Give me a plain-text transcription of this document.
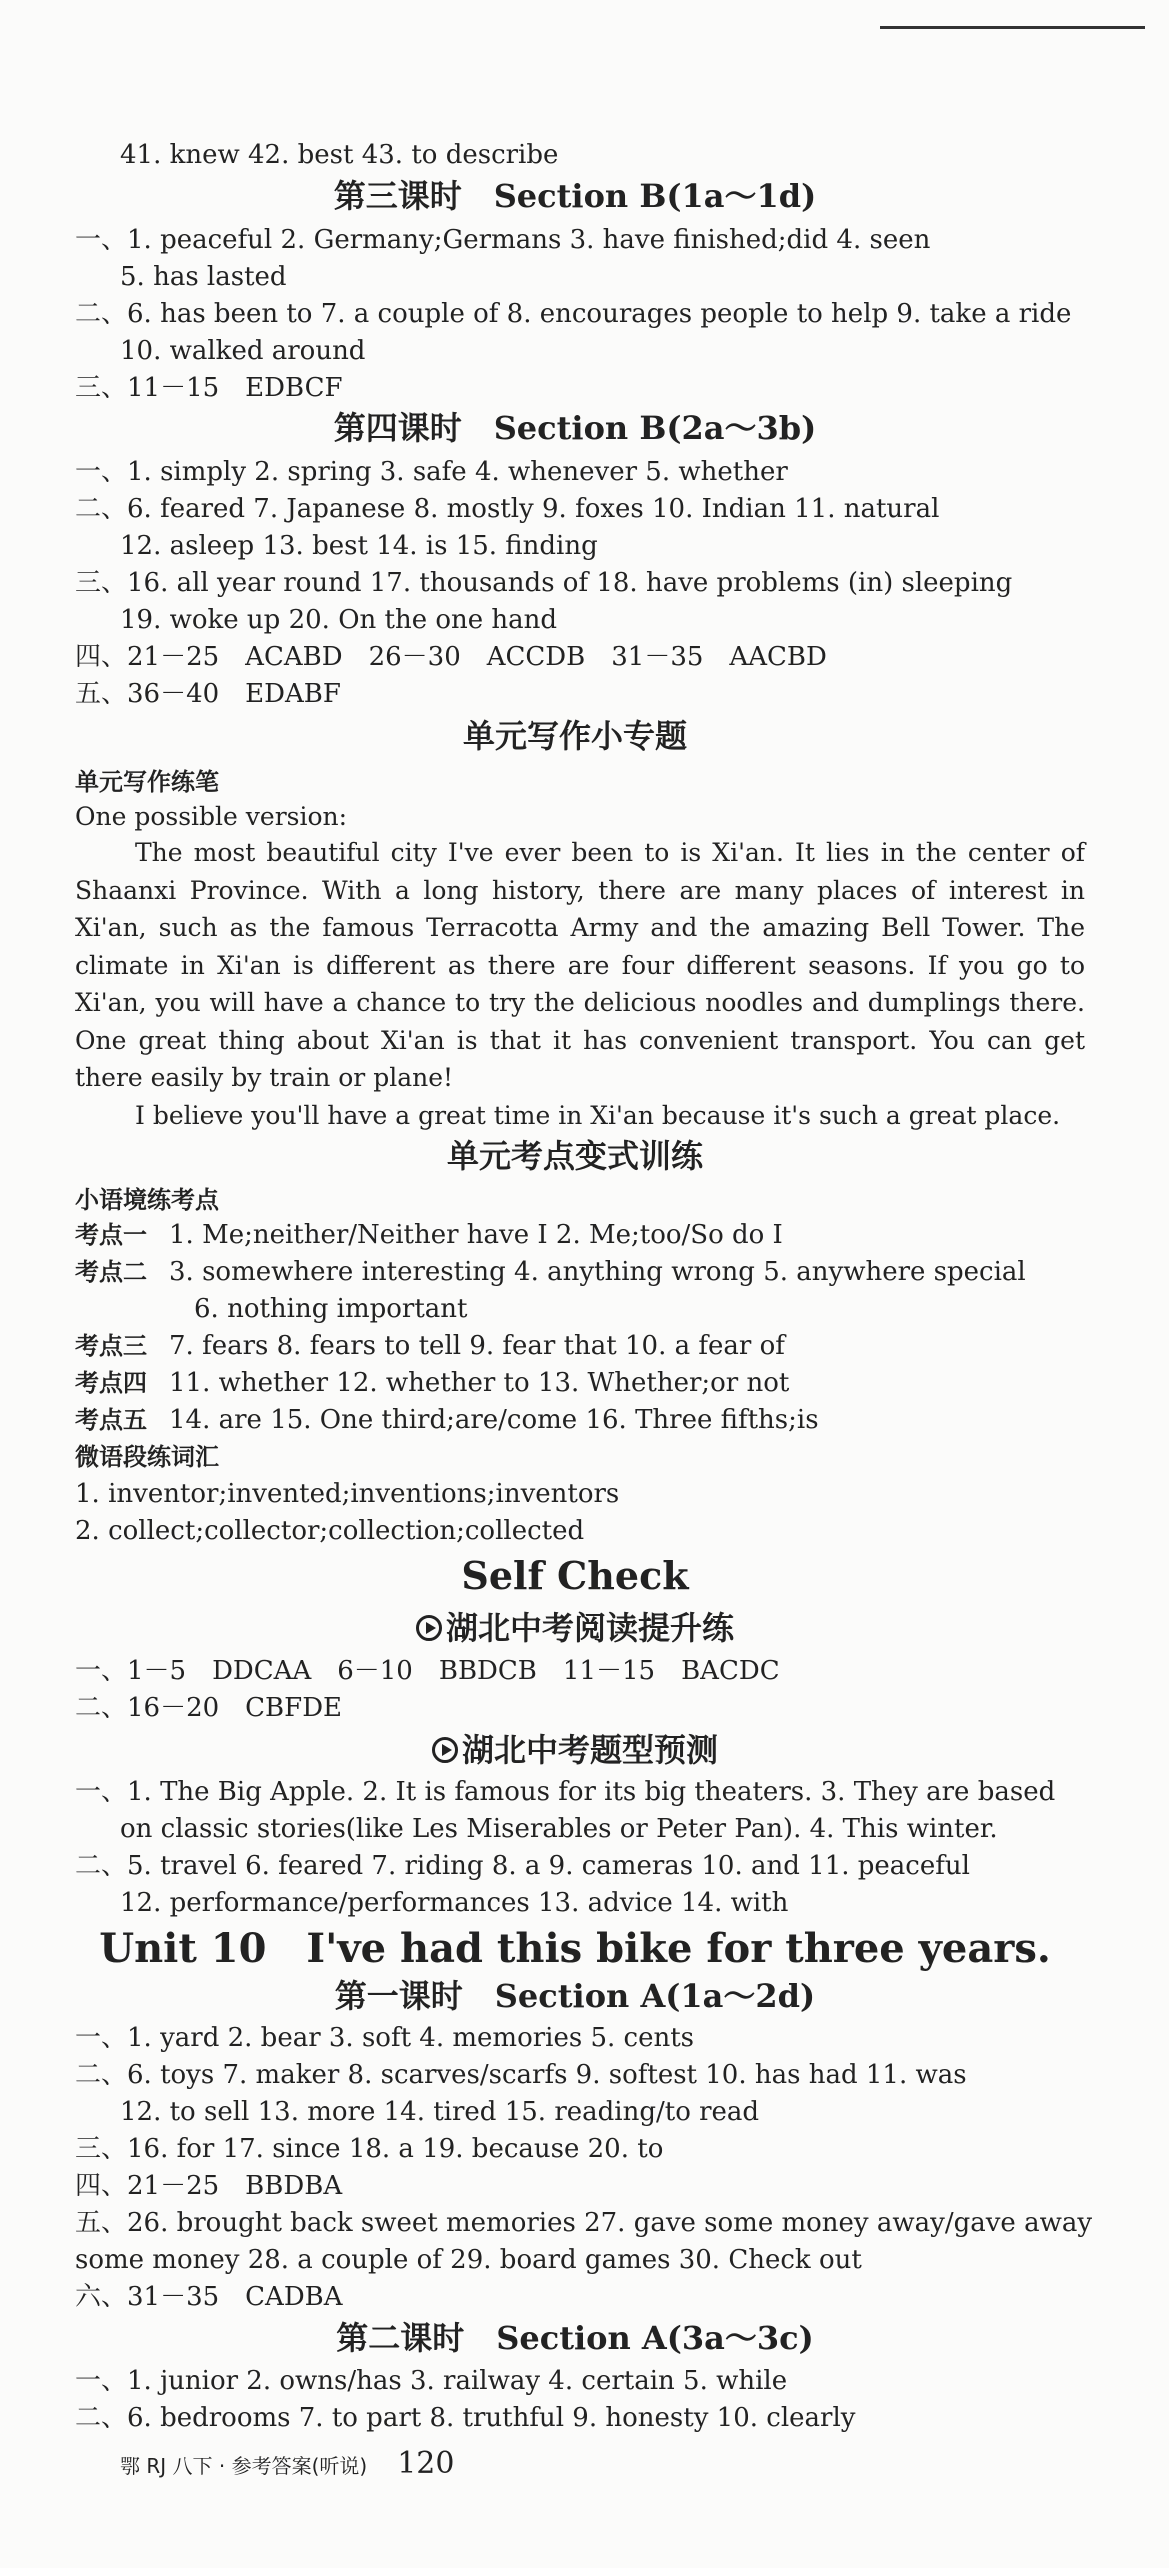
41. knew 42. best 43. to describe
第三课时　Section B(1a～1d)
一、1. peaceful 2. Germany;Germans 3. have finished;did 4. seen
5. has lasted
二、6. has been to 7. a couple of 8. encourages people to help 9. take a ride
10. walked around
三、11－15　EDBCF
第四课时　Section B(2a～3b)
一、1. simply 2. spring 3. safe 4. whenever 5. whether
二、6. feared 7. Japanese 8. mostly 9. foxes 10. Indian 11. natural
12. asleep 13. best 14. is 15. finding
三、16. all year round 17. thousands of 18. have problems (in) sleeping
19. woke up 20. On the one hand
四、21－25　ACABD　26－30　ACCDB　31－35　AACBD
五、36－40　EDABF
单元写作小专题
单元写作练笔
One possible version:

The most beautiful city I've ever been to is Xi'an. It lies in the center of Shaanxi Province. With a long history, there are many places of interest in Xi'an, such as the famous Terracotta Army and the amazing Bell Tower. The climate in Xi'an is different as there are four different seasons. If you go to Xi'an, you will have a chance to try the delicious noodles and dumplings there. One great thing about Xi'an is that it has convenient transport. You can get there easily by train or plane!

I believe you'll have a great time in Xi'an because it's such a great place.

单元考点变式训练
小语境练考点
考点一 1. Me;neither/Neither have I 2. Me;too/So do I
考点二 3. somewhere interesting 4. anything wrong 5. anywhere special
6. nothing important
考点三 7. fears 8. fears to tell 9. fear that 10. a fear of
考点四 11. whether 12. whether to 13. Whether;or not
考点五 14. are 15. One third;are/come 16. Three fifths;is
微语段练词汇
1. inventor;invented;inventions;inventors
2. collect;collector;collection;collected
Self Check
湖北中考阅读提升练
一、1－5　DDCAA　6－10　BBDCB　11－15　BACDC
二、16－20　CBFDE
湖北中考题型预测
一、1. The Big Apple. 2. It is famous for its big theaters. 3. They are based
on classic stories(like Les Miserables or Peter Pan). 4. This winter.
二、5. travel 6. feared 7. riding 8. a 9. cameras 10. and 11. peaceful
12. performance/performances 13. advice 14. with
Unit 10　I've had this bike for three years.
第一课时　Section A(1a～2d)
一、1. yard 2. bear 3. soft 4. memories 5. cents
二、6. toys 7. maker 8. scarves/scarfs 9. softest 10. has had 11. was
12. to sell 13. more 14. tired 15. reading/to read
三、16. for 17. since 18. a 19. because 20. to
四、21－25　BBDBA
五、26. brought back sweet memories 27. gave some money away/gave away
some money 28. a couple of 29. board games 30. Check out
六、31－35　CADBA
第二课时　Section A(3a～3c)
一、1. junior 2. owns/has 3. railway 4. certain 5. while
二、6. bedrooms 7. to part 8. truthful 9. honesty 10. clearly
鄂 RJ 八下 · 参考答案(听说) 120
